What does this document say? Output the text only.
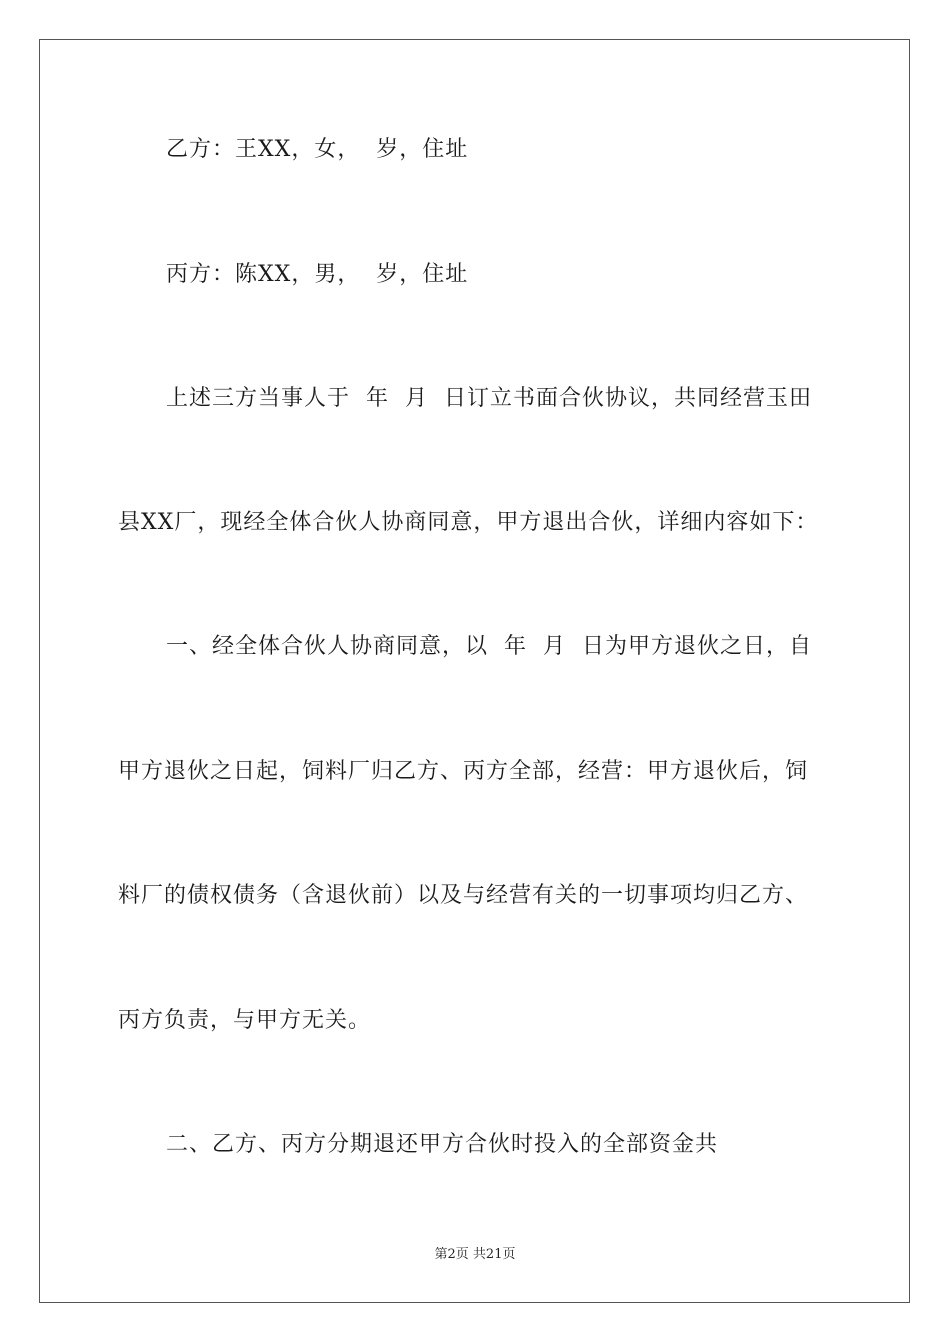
乙方：王XX，女，  岁，住址
丙方：陈XX，男，  岁，住址
上述三方当事人于  年  月  日订立书面合伙协议，共同经营玉田
县XX厂，现经全体合伙人协商同意，甲方退出合伙，详细内容如下：
一、经全体合伙人协商同意，以  年  月  日为甲方退伙之日，自
甲方退伙之日起，饲料厂归乙方、丙方全部，经营：甲方退伙后，饲
料厂的债权债务（含退伙前）以及与经营有关的一切事项均归乙方、
丙方负责，与甲方无关。
二、乙方、丙方分期退还甲方合伙时投入的全部资金共
第2页 共21页
